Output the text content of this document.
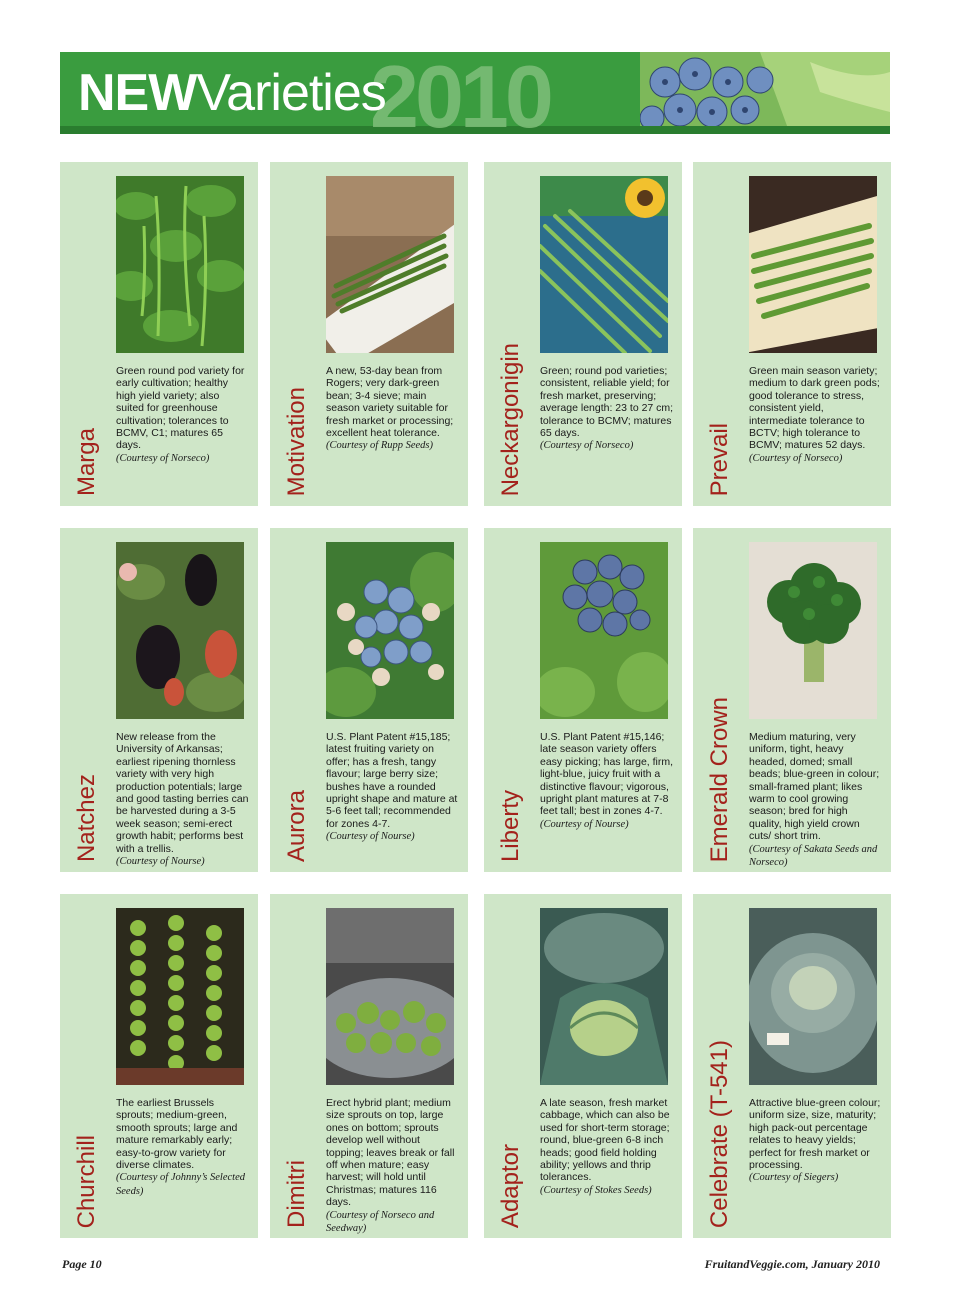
2010
NEWVarieties
Green round pod variety for early cultivation; healthy high yield variety; also suited for greenhouse cultivation; tolerances to BCMV, C1; matures 65 days.
(Courtesy of Norseco)
Marga
A new, 53-day bean from Rogers; very dark-green bean; 3-4 sieve; main season variety suitable for fresh market or processing; excellent heat tolerance.
(Courtesy of Rupp Seeds)
Motivation
Green; round pod varieties; consistent, reliable yield; for fresh market, preserving; average length: 23 to 27 cm; tolerance to BCMV; matures 65 days.
(Courtesy of Norseco)
Neckargonigin	Green main season variety; medium to dark green pods; good tolerance to stress, consistent yield, intermediate tolerance to BCTV; high tolerance to BCMV; matures 52 days.
(Courtesy of Norseco)
Prevail
New release from the University of Arkansas; earliest ripening thornless variety with very high production potentials; large and good tasting berries can be harvested during a 3-5 week season; semi-erect growth habit; performs best with a trellis.
(Courtesy of Nourse)
Natchez
U.S. Plant Patent #15,185; latest fruiting variety on offer; has a fresh, tangy flavour; large berry size; bushes have a rounded upright shape and mature at 5-6 feet tall; recommended for zones 4-7.
(Courtesy of Nourse)
Aurora
U.S. Plant Patent #15,146; late season variety offers easy picking; has large, firm, light-blue, juicy fruit with a distinctive flavour; vigorous, upright plant matures at 7-8 feet tall; best in zones 4-7.
(Courtesy of Nourse)
Liberty
Medium maturing, very uniform, tight, heavy headed, domed; small beads; blue-green in colour; small-framed plant; likes warm to cool growing season; bred for high quality, high yield crown cuts/ short trim.
(Courtesy of Sakata Seeds and Norseco)
Emerald Crown
The earliest Brussels sprouts; medium-green, smooth sprouts; large and mature remarkably early; easy-to-grow variety for diverse climates.
(Courtesy of Johnny’s Selected Seeds)
Churchill
Erect hybrid plant; medium size sprouts on top, large ones on bottom; sprouts develop well without topping; leaves break or fall off when mature; easy harvest; will hold until Christmas; matures 116 days.
(Courtesy of Norseco and Seedway)
Dimitri
A late season, fresh market cabbage, which can also be used for short-term storage; round, blue-green 6-8 inch heads; good field holding ability; yellows and thrip tolerances.
(Courtesy of Stokes Seeds)
Adaptor
Attractive blue-green colour; uniform size, size, maturity; high pack-out percentage relates to heavy yields; perfect for fresh market or processing.
(Courtesy of Siegers)
Celebrate (T-541)
Page 10	FruitandVeggie.com, January 2010
